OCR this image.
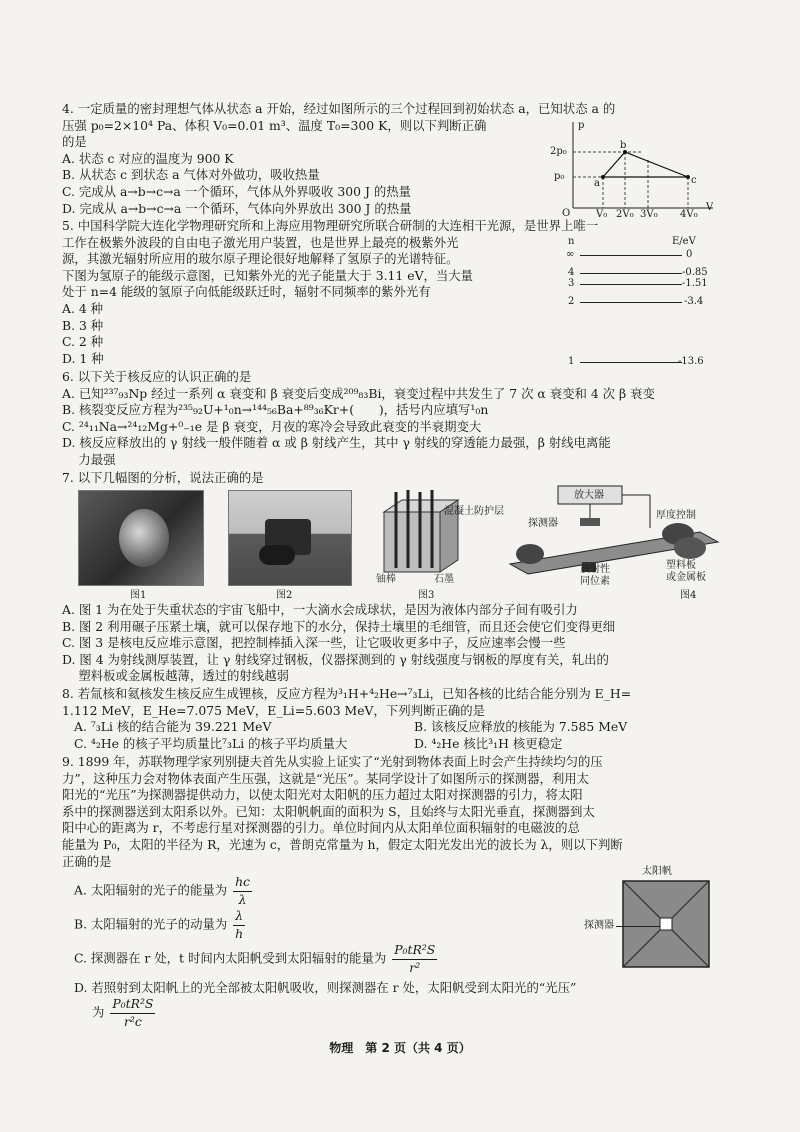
4. 一定质量的密封理想气体从状态 a 开始，经过如图所示的三个过程回到初始状态 a，已知状态 a 的
压强 p₀=2×10⁴ Pa、体积 V₀=0.01 m³、温度 T₀=300 K，则以下判断正确
的是
A. 状态 c 对应的温度为 900 K
B. 从状态 c 到状态 a 气体对外做功，吸收热量
C. 完成从 a→b→c→a 一个循环，气体从外界吸收 300 J 的热量
D. 完成从 a→b→c→a 一个循环，气体向外界放出 300 J 的热量
p
V
O
2p₀
p₀
V₀ 2V₀ 3V₀ 4V₀
a
b
c
5. 中国科学院大连化学物理研究所和上海应用物理研究所联合研制的大连相干光源，是世界上唯一
工作在极紫外波段的自由电子激光用户装置，也是世界上最亮的极紫外光
源，其激光辐射所应用的玻尔原子理论很好地解释了氢原子的光谱特征。
下图为氢原子的能级示意图，已知紫外光的光子能量大于 3.11 eV，当大量
处于 n=4 能级的氢原子向低能级跃迁时，辐射不同频率的紫外光有
A. 4 种
B. 3 种
C. 2 种
D. 1 种
n	E/eV
∞	0
4	-0.85
3	-1.51
2	-3.4
1	-13.6
6. 以下关于核反应的认识正确的是
A. 已知²³⁷₉₃Np 经过一系列 α 衰变和 β 衰变后变成²⁰⁹₈₃Bi，衰变过程中共发生了 7 次 α 衰变和 4 次 β 衰变
B. 核裂变反应方程为²³⁵₉₂U+¹₀n→¹⁴⁴₅₆Ba+⁸⁹₃₆Kr+(　　)，括号内应填写¹₀n
C. ²⁴₁₁Na→²⁴₁₂Mg+⁰₋₁e 是 β 衰变，月夜的寒冷会导致此衰变的半衰期变大
D. 核反应释放出的 γ 射线一般伴随着 α 或 β 射线产生，其中 γ 射线的穿透能力最强，β 射线电离能
　 力最强
7. 以下几幅图的分析，说法正确的是
图1	图2
混凝土防护层
铀棒	石墨
图3
放大器
厚度控制
探测器
放射性
同位素
塑料板
或金属板
图4
A. 图 1 为在处于失重状态的宇宙飞船中，一大滴水会成球状，是因为液体内部分子间有吸引力
B. 图 2 利用碾子压紧土壤，就可以保存地下的水分，保持土壤里的毛细管，而且还会使它们变得更细
C. 图 3 是核电反应堆示意图，把控制棒插入深一些，让它吸收更多中子，反应速率会慢一些
D. 图 4 为射线测厚装置，让 γ 射线穿过钢板，仪器探测到的 γ 射线强度与钢板的厚度有关，轧出的
　 塑料板或金属板越薄，透过的射线越弱
8. 若氚核和氦核发生核反应生成锂核，反应方程为³₁H+⁴₂He→⁷₃Li，已知各核的比结合能分别为 E_H=
1.112 MeV，E_He=7.075 MeV，E_Li=5.603 MeV，下列判断正确的是
A. ⁷₃Li 核的结合能为 39.221 MeV	B. 该核反应释放的核能为 7.585 MeV
C. ⁴₂He 的核子平均质量比⁷₃Li 的核子平均质量大	D. ⁴₂He 核比³₁H 核更稳定
9. 1899 年，苏联物理学家列别捷夫首先从实验上证实了“光射到物体表面上时会产生持续均匀的压
力”，这种压力会对物体表面产生压强，这就是“光压”。某同学设计了如图所示的探测器，利用太
阳光的“光压”为探测器提供动力，以使太阳光对太阳帆的压力超过太阳对探测器的引力，将太阳
系中的探测器送到太阳系以外。已知：太阳帆帆面的面积为 S，且始终与太阳光垂直，探测器到太
阳中心的距离为 r，不考虑行星对探测器的引力。单位时间内从太阳单位面积辐射的电磁波的总
能量为 P₀，太阳的半径为 R，光速为 c，普朗克常量为 h，假定太阳光发出光的波长为 λ，则以下判断
正确的是
A. 太阳辐射的光子的能量为 $\frac{hc}{\lambda}$
B. 太阳辐射的光子的动量为 $\frac{\lambda}{h}$
C. 探测器在 r 处，t 时间内太阳帆受到太阳辐射的能量为 $\frac{\text{P₀tR²S}}{\text{r²}}$
D. 若照射到太阳帆上的光全部被太阳帆吸收，则探测器在 r 处，太阳帆受到太阳光的“光压”
为 $\frac{\text{P₀tR²S}}{\text{r²c}}$
太阳帆
探测器
物理　第 2 页（共 4 页）
